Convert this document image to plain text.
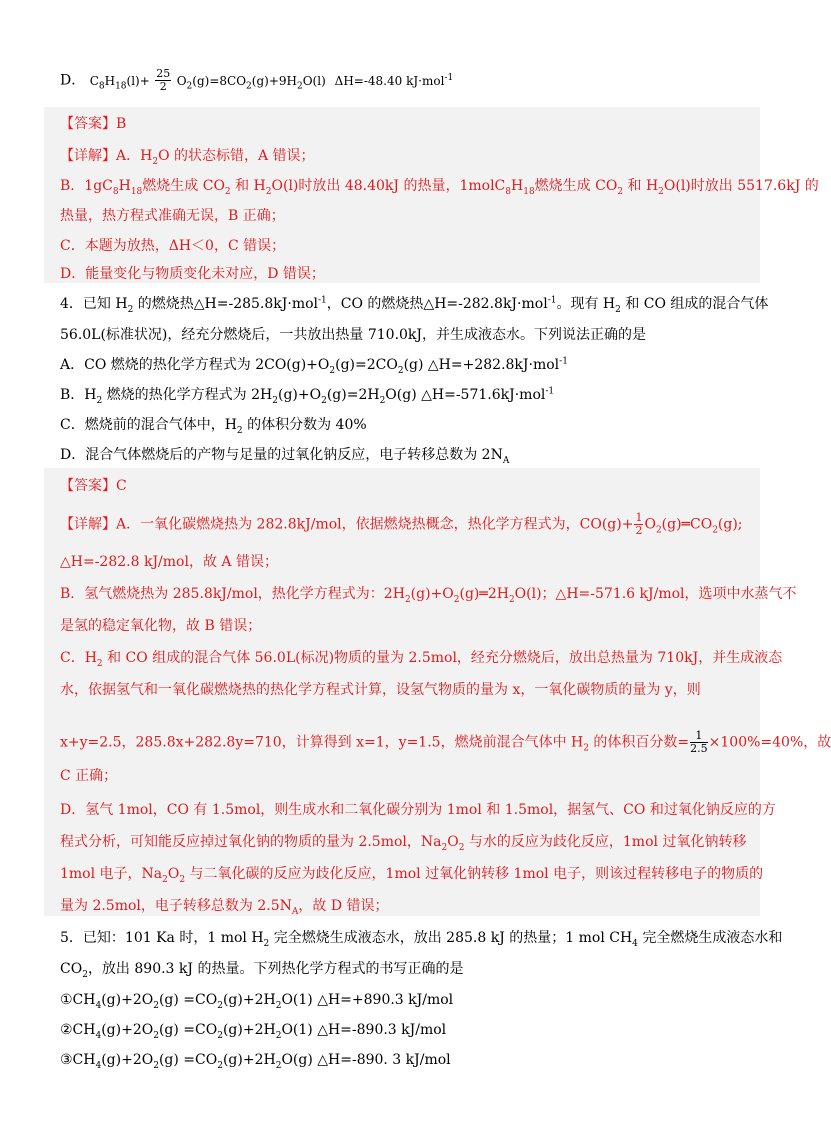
D． $C_8H_{18}(l)+ \frac{25}{2} O_2(g)=8CO_2(g)+9H_2O(l)$ ΔH=-48.40 kJ·mol$^{-1}$
【答案】B
【详解】A．$H_2O$ 的状态标错，A 错误；
B．$1gC_8H_{18}$燃烧生成 $CO_2$ 和 $H_2O(l)$时放出 48.40kJ 的热量，$1molC_8H_{18}$燃烧生成 $CO_2$ 和 $H_2O(l)$时放出 5517.6kJ 的
热量，热方程式准确无误，B 正确；
C．本题为放热，ΔH＜0，C 错误；
D．能量变化与物质变化未对应，D 错误；
4．已知 $H_2$ 的燃烧热△H=-285.8kJ·mol$^{-1}$，CO 的燃烧热△H=-282.8kJ·mol$^{-1}$。现有 $H_2$ 和 CO 组成的混合气体
56.0L(标准状况)，经充分燃烧后，一共放出热量 710.0kJ，并生成液态水。下列说法正确的是
A．CO 燃烧的热化学方程式为 $2CO(g)+O_2(g)=2CO_2(g)$ △H=+282.8kJ·mol$^{-1}$
B．$H_2$ 燃烧的热化学方程式为 $2H_2(g)+O_2(g)=2H_2O(g)$ △H=-571.6kJ·mol$^{-1}$
C．燃烧前的混合气体中，$H_2$ 的体积分数为 40%
D．混合气体燃烧后的产物与足量的过氧化钠反应，电子转移总数为 $2N_A$
【答案】C
【详解】A．一氧化碳燃烧热为 282.8kJ/mol，依据燃烧热概念，热化学方程式为，$CO(g)+ \frac{1}{2}$ $O_2(g)═CO_2(g)$;
△H=-282.8 kJ/mol，故 A 错误；
B．氢气燃烧热为 285.8kJ/mol，热化学方程式为：$2H_2(g)+O_2(g)═2H_2O(l)$；△H=-571.6 kJ/mol，选项中水蒸气不
是氢的稳定氧化物，故 B 错误；
C．$H_2$ 和 CO 组成的混合气体 56.0L(标况)物质的量为 2.5mol，经充分燃烧后，放出总热量为 710kJ，并生成液态
水，依据氢气和一氧化碳燃烧热的热化学方程式计算，设氢气物质的量为 x，一氧化碳物质的量为 y，则
x+y=2.5，285.8x+282.8y=710，计算得到 x=1，y=1.5，燃烧前混合气体中 $H_2$ 的体积百分数= $\frac{1}{2.5} \times 100\%=40\%$，故
C 正确；
D．氢气 1mol，CO 有 1.5mol，则生成水和二氧化碳分别为 1mol 和 1.5mol，据氢气、CO 和过氧化钠反应的方
程式分析，可知能反应掉过氧化钠的物质的量为 2.5mol，$Na_2O_2$ 与水的反应为歧化反应，1mol 过氧化钠转移
1mol 电子，$Na_2O_2$ 与二氧化碳的反应为歧化反应，1mol 过氧化钠转移 1mol 电子，则该过程转移电子的物质的
量为 2.5mol，电子转移总数为 $2.5N_A$，故 D 错误；
5．已知：101 Ka 时，1 mol $H_2$ 完全燃烧生成液态水，放出 285.8 kJ 的热量；1 mol $CH_4$ 完全燃烧生成液态水和
$CO_2$，放出 890.3 kJ 的热量。下列热化学方程式的书写正确的是
$①CH_4(g)+2O_2(g) =CO_2(g)+2H_2O(1)$ △H=+890.3 kJ/mol
$②CH_4(g)+2O_2(g) =CO_2(g)+2H_2O(1)$ △H=-890.3 kJ/mol
$③CH_4(g)+2O_2(g) =CO_2(g)+2H_2O(g)$ △H=-890. 3 kJ/mol
